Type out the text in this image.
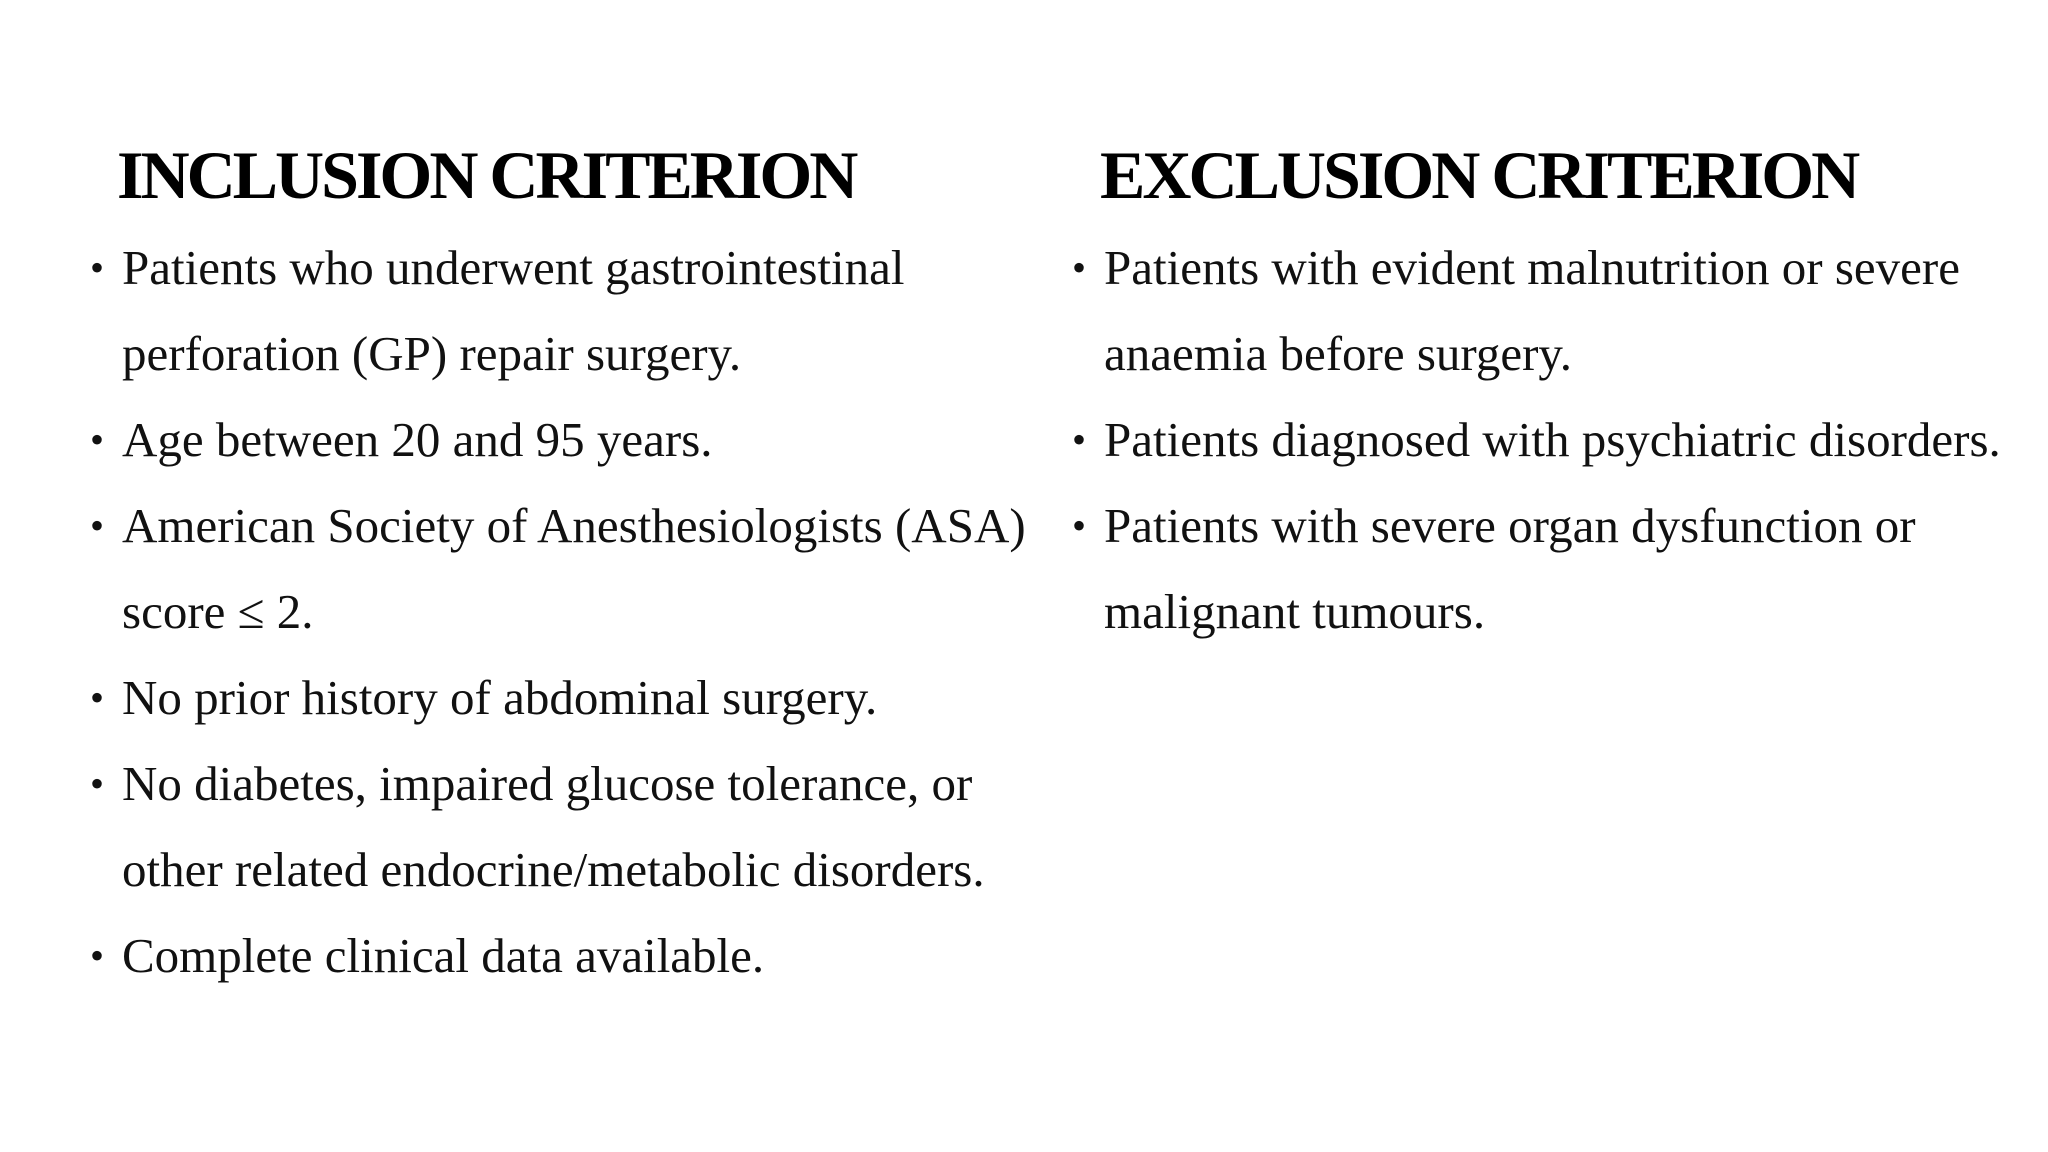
INCLUSION CRITERION
• Patients who underwent gastrointestinal perforation (GP) repair surgery.
• Age between 20 and 95 years.
• American Society of Anesthesiologists (ASA) score ≤ 2.
• No prior history of abdominal surgery.
• No diabetes, impaired glucose tolerance, or other related endocrine/metabolic disorders.
• Complete clinical data available.
EXCLUSION CRITERION
• Patients with evident malnutrition or severe anaemia before surgery.
• Patients diagnosed with psychiatric disorders.
• Patients with severe organ dysfunction or malignant tumours.
